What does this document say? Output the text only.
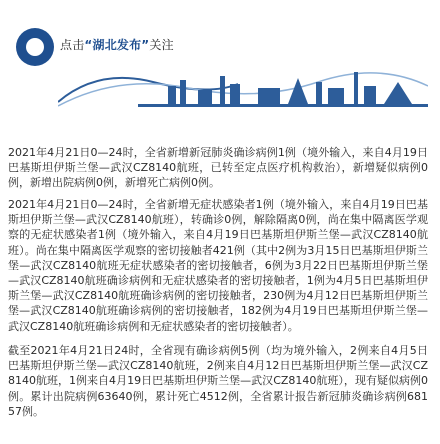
点击“湖北发布”关注

2021年4月21日0—24时，全省新增新冠肺炎确诊病例1例（境外输入，来自4月19日巴基斯坦伊斯兰堡—武汉CZ8140航班，已转至定点医疗机构救治），新增疑似病例0例，新增出院病例0例，新增死亡病例0例。

2021年4月21日0—24时，全省新增无症状感染者1例（境外输入，来自4月19日巴基斯坦伊斯兰堡—武汉CZ8140航班），转确诊0例，解除隔离0例，尚在集中隔离医学观察的无症状感染者1例（境外输入，来自4月19日巴基斯坦伊斯兰堡—武汉CZ8140航班）。尚在集中隔离医学观察的密切接触者421例（其中2例为3月15日巴基斯坦伊斯兰堡—武汉CZ8140航班无症状感染者的密切接触者，6例为3月22日巴基斯坦伊斯兰堡—武汉CZ8140航班确诊病例和无症状感染者的密切接触者，1例为4月5日巴基斯坦伊斯兰堡—武汉CZ8140航班确诊病例的密切接触者，230例为4月12日巴基斯坦伊斯兰堡—武汉CZ8140航班确诊病例的密切接触者，182例为4月19日巴基斯坦伊斯兰堡—武汉CZ8140航班确诊病例和无症状感染者的密切接触者）。

截至2021年4月21日24时，全省现有确诊病例5例（均为境外输入，2例来自4月5日巴基斯坦伊斯兰堡—武汉CZ8140航班，2例来自4月12日巴基斯坦伊斯兰堡—武汉CZ8140航班，1例来自4月19日巴基斯坦伊斯兰堡—武汉CZ8140航班），现有疑似病例0例。累计出院病例63640例，累计死亡4512例，全省累计报告新冠肺炎确诊病例68157例。
